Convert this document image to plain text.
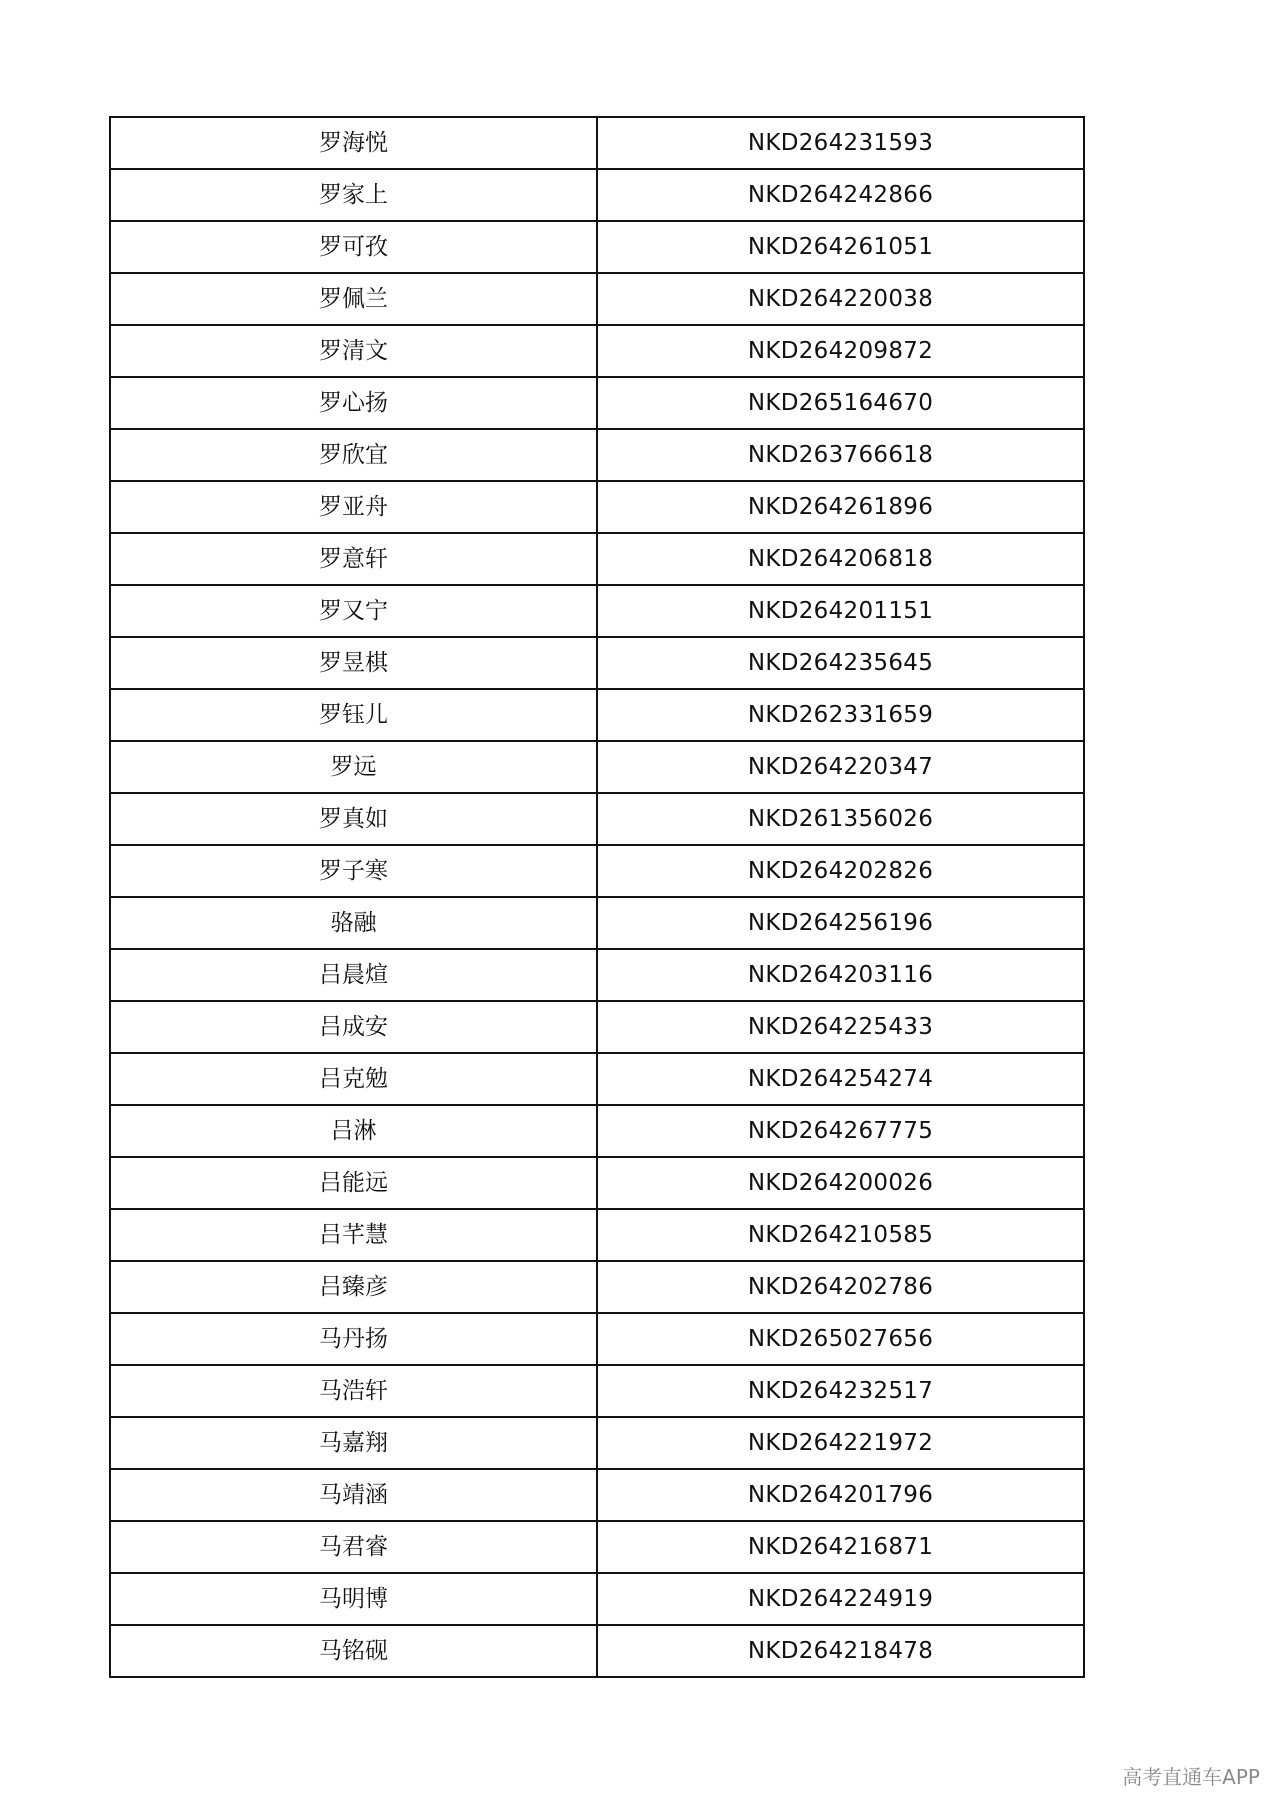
罗海悦	NKD264231593
罗家上	NKD264242866
罗可孜	NKD264261051
罗佩兰	NKD264220038
罗清文	NKD264209872
罗心扬	NKD265164670
罗欣宜	NKD263766618
罗亚舟	NKD264261896
罗意轩	NKD264206818
罗又宁	NKD264201151
罗昱棋	NKD264235645
罗钰儿	NKD262331659
罗远	NKD264220347
罗真如	NKD261356026
罗子寒	NKD264202826
骆融	NKD264256196
吕晨煊	NKD264203116
吕成安	NKD264225433
吕克勉	NKD264254274
吕淋	NKD264267775
吕能远	NKD264200026
吕芊慧	NKD264210585
吕臻彦	NKD264202786
马丹扬	NKD265027656
马浩轩	NKD264232517
马嘉翔	NKD264221972
马靖涵	NKD264201796
马君睿	NKD264216871
马明博	NKD264224919
马铭砚	NKD264218478
高考直通车APP
